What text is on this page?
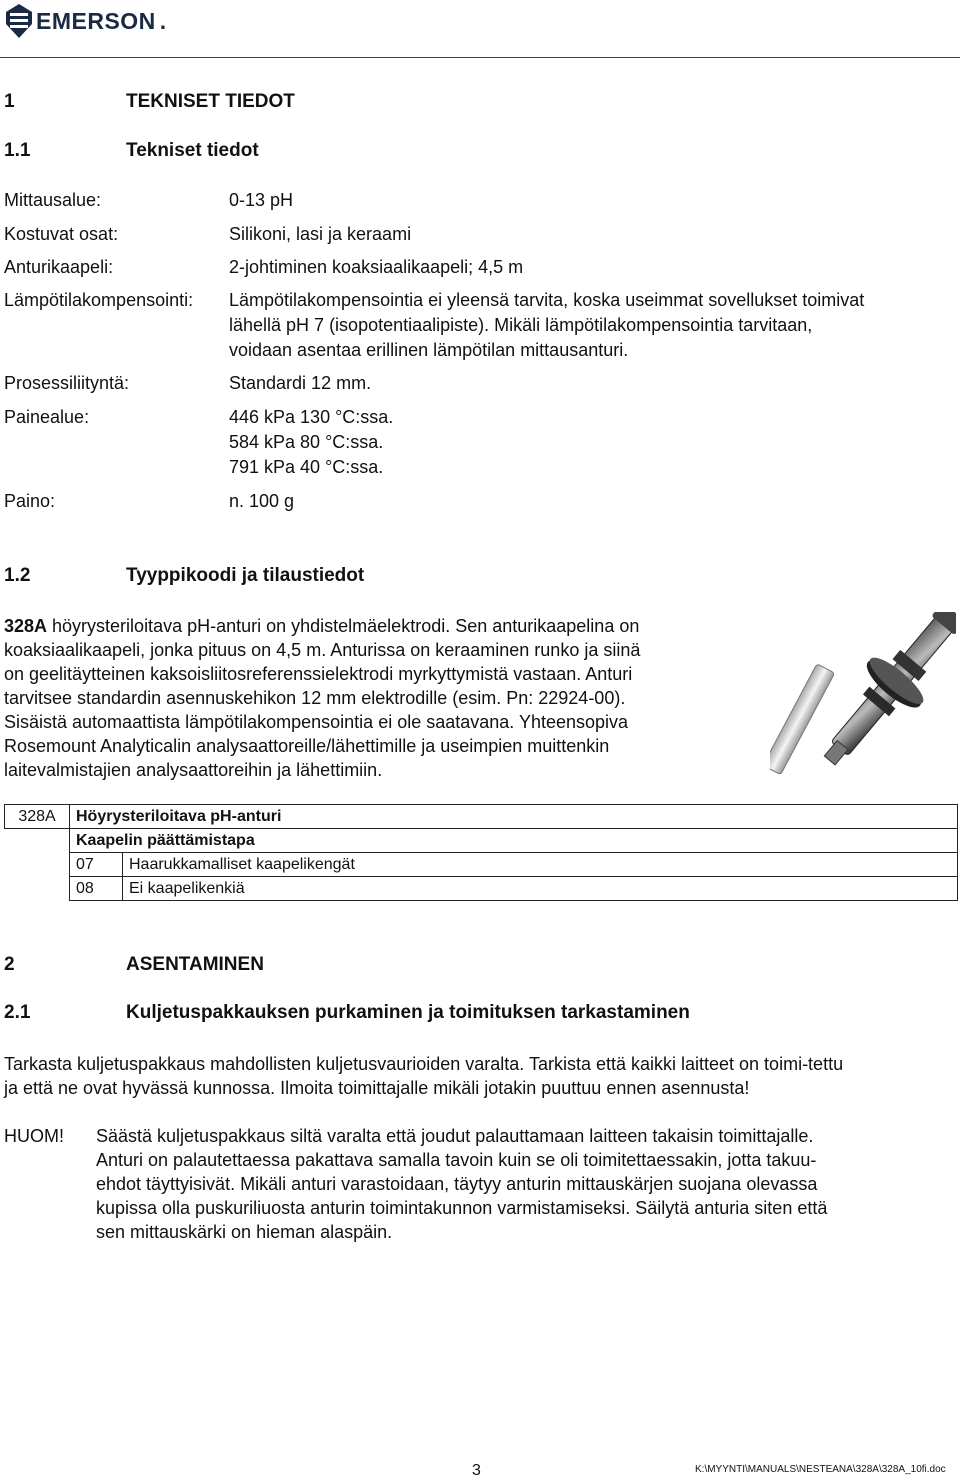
EMERSON .
1	TEKNISET TIEDOT
1.1	Tekniset tiedot
Mittausalue:	0-13 pH
Kostuvat osat:	Silikoni, lasi ja keraami
Anturikaapeli:	2-johtiminen koaksiaalikaapeli; 4,5 m
Lämpötilakompensointi: Lämpötilakompensointia ei yleensä tarvita, koska useimmat sovellukset toimivat
lähellä pH 7 (isopotentiaalipiste). Mikäli lämpötilakompensointia tarvitaan,
voidaan asentaa erillinen lämpötilan mittausanturi.
Prosessiliityntä:	Standardi 12 mm.
Painealue:	446 kPa 130 °C:ssa.
584 kPa 80 °C:ssa.
791 kPa 40 °C:ssa.
Paino:	n. 100 g
1.2	Tyyppikoodi ja tilaustiedot
328A höyrysteriloitava pH-anturi on yhdistelmäelektrodi. Sen anturikaapelina on
koaksiaalikaapeli, jonka pituus on 4,5 m. Anturissa on keraaminen runko ja siinä
on geelitäytteinen kaksoisliitosreferenssielektrodi myrkyttymistä vastaan. Anturi
tarvitsee standardin asennuskehikon 12 mm elektrodille (esim. Pn: 22924-00).
Sisäistä automaattista lämpötilakompensointia ei ole saatavana. Yhteensopiva
Rosemount Analyticalin analysaattoreille/lähettimille ja useimpien muittenkin
laitevalmistajien analysaattoreihin ja lähettimiin.
328A	Höyrysteriloitava pH-anturi	
	Kaapelin päättämistapa	
	07	Haarukkamalliset kaapelikengät
	08	Ei kaapelikenkiä
2	ASENTAMINEN
2.1	Kuljetuspakkauksen purkaminen ja toimituksen tarkastaminen
Tarkasta kuljetuspakkaus mahdollisten kuljetusvaurioiden varalta. Tarkista että kaikki laitteet on toimi-tettu
ja että ne ovat hyvässä kunnossa. Ilmoita toimittajalle mikäli jotakin puuttuu ennen asennusta!
HUOM! Säästä kuljetuspakkaus siltä varalta että joudut palauttamaan laitteen takaisin toimittajalle.
Anturi on palautettaessa pakattava samalla tavoin kuin se oli toimitettaessakin, jotta takuu-
ehdot täyttyisivät. Mikäli anturi varastoidaan, täytyy anturin mittauskärjen suojana olevassa
kupissa olla puskuriliuosta anturin toimintakunnon varmistamiseksi. Säilytä anturia siten että
sen mittauskärki on hieman alaspäin.
3	K:\MYYNTI\MANUALS\NESTEANA\328A\328A_10fi.doc
